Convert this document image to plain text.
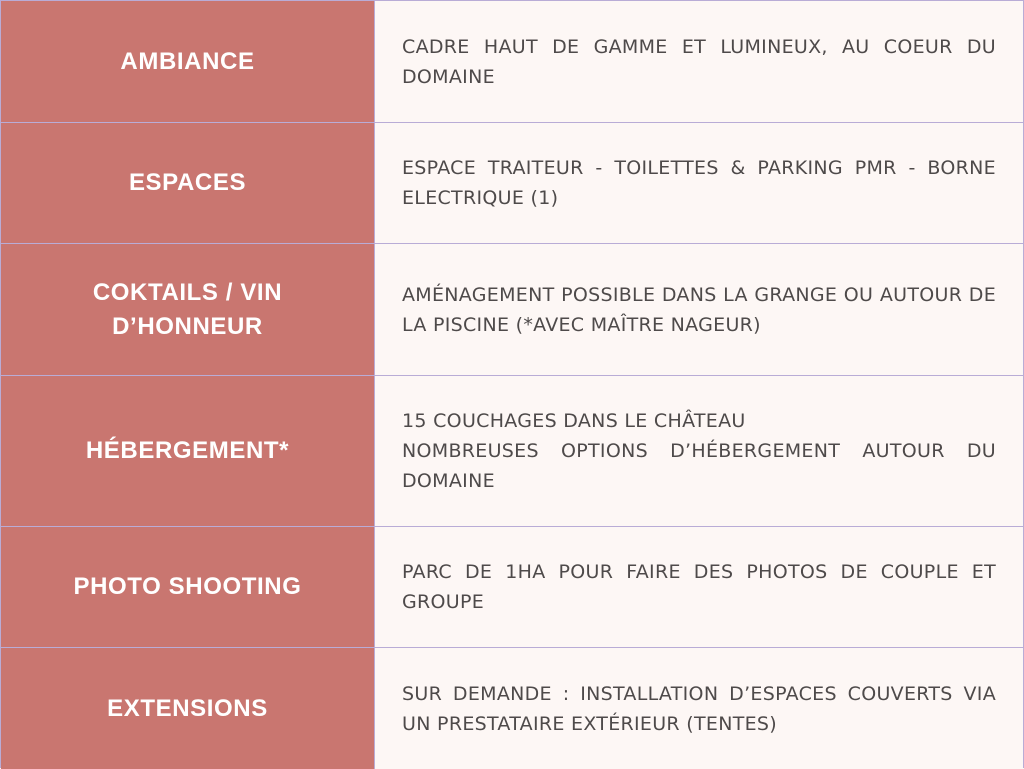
AMBIANCE
CADRE HAUT DE GAMME ET LUMINEUX, AU COEUR DU DOMAINE
ESPACES
ESPACE TRAITEUR - TOILETTES & PARKING PMR - BORNE ELECTRIQUE (1)
COKTAILS / VIN D’HONNEUR
AMÉNAGEMENT POSSIBLE DANS LA GRANGE OU AUTOUR DE LA PISCINE (*AVEC MAÎTRE NAGEUR)
HÉBERGEMENT*
15 COUCHAGES DANS LE CHÂTEAU
NOMBREUSES OPTIONS D’HÉBERGEMENT AUTOUR DU DOMAINE
PHOTO SHOOTING
PARC DE 1HA POUR FAIRE DES PHOTOS DE COUPLE ET GROUPE
EXTENSIONS
SUR DEMANDE : INSTALLATION D’ESPACES COUVERTS VIA UN PRESTATAIRE EXTÉRIEUR (TENTES)
